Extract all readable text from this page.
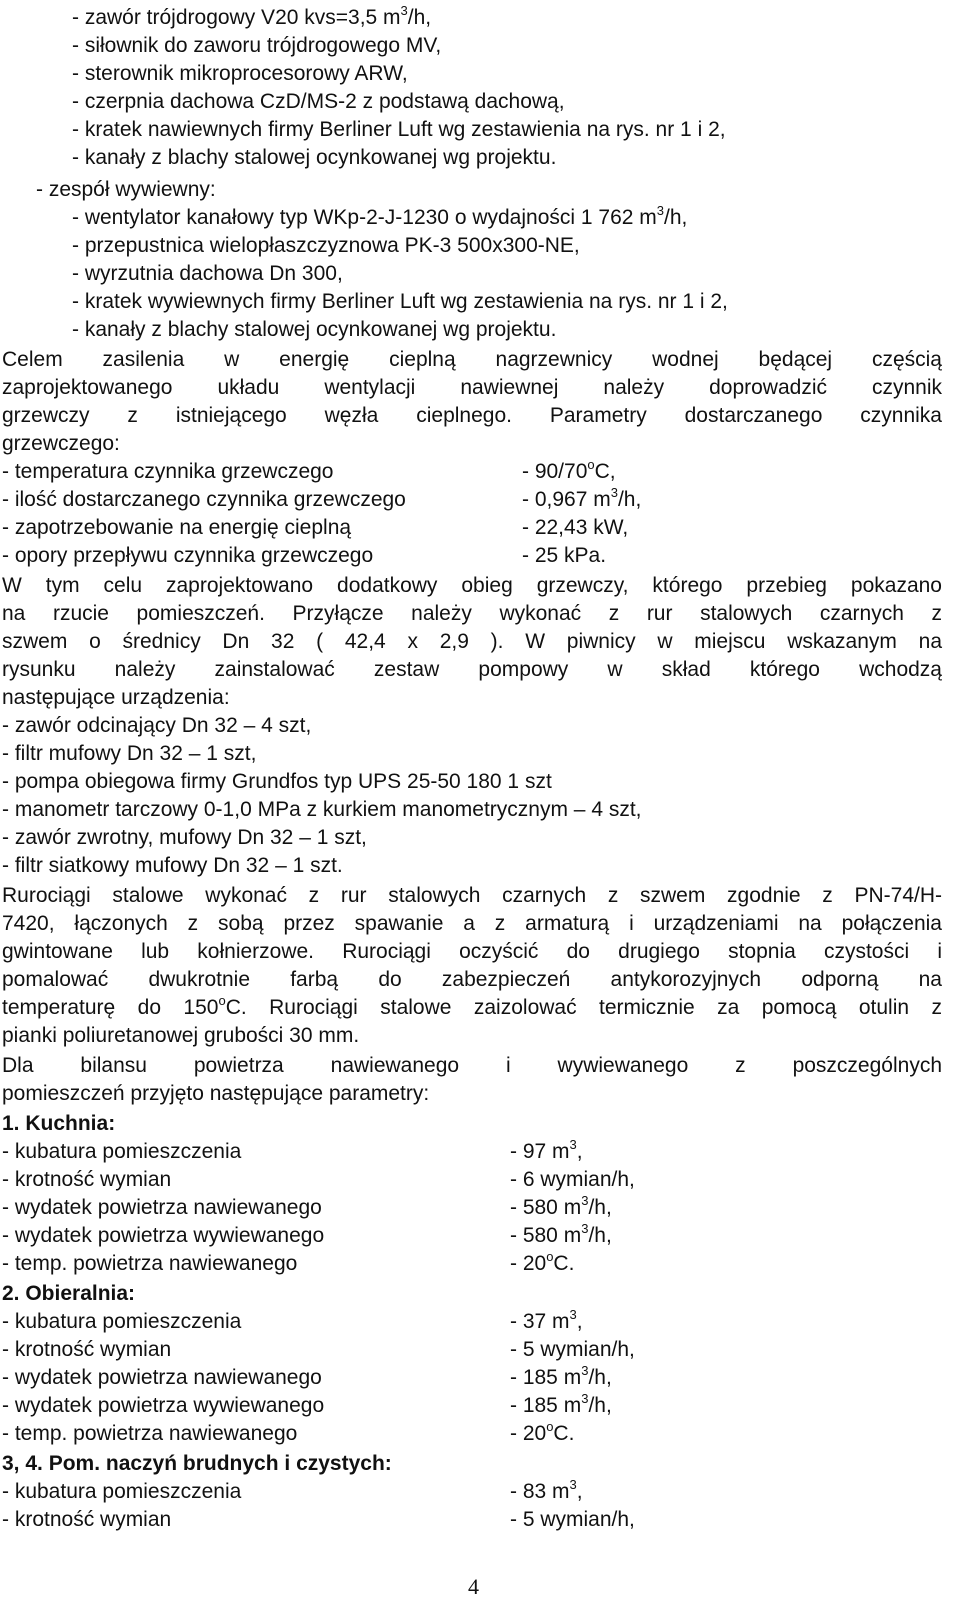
- zawór trójdrogowy V20 kvs=3,5 $m^3/h$,
- siłownik do zaworu trójdrogowego MV,
- sterownik mikroprocesorowy ARW,
- czerpnia dachowa CzD/MS-2 z podstawą dachową,
- kratek nawiewnych firmy Berliner Luft wg zestawienia na rys. nr 1 i 2,
- kanały z blachy stalowej ocynkowanej wg projektu.
- zespół wywiewny:
- wentylator kanałowy typ WKp-2-J-1230 o wydajności 1 762 $m^3/h$,
- przepustnica wielopłaszczyznowa PK-3 500x300-NE,
- wyrzutnia dachowa Dn 300,
- kratek wywiewnych firmy Berliner Luft wg zestawienia na rys. nr 1 i 2,
- kanały z blachy stalowej ocynkowanej wg projektu.
Celem zasilenia w energię cieplną nagrzewnicy wodnej będącej częścią
zaprojektowanego układu wentylacji nawiewnej należy doprowadzić czynnik
grzewczy z istniejącego węzła cieplnego. Parametry dostarczanego czynnika
grzewczego:
- temperatura czynnika grzewczego	- 90/70$^o$C,
- ilość dostarczanego czynnika grzewczego	- 0,967 $m^3/h$,
- zapotrzebowanie na energię cieplną	- 22,43 kW,
- opory przepływu czynnika grzewczego	- 25 kPa.
W tym celu zaprojektowano dodatkowy obieg grzewczy, którego przebieg pokazano
na rzucie pomieszczeń. Przyłącze należy wykonać z rur stalowych czarnych z
szwem o średnicy Dn 32 ( 42,4 x 2,9 ). W piwnicy w miejscu wskazanym na
rysunku należy zainstalować zestaw pompowy w skład którego wchodzą
następujące urządzenia:
- zawór odcinający Dn 32 – 4 szt,
- filtr mufowy Dn 32 – 1 szt,
- pompa obiegowa firmy Grundfos typ UPS 25-50 180 1 szt
- manometr tarczowy 0-1,0 MPa z kurkiem manometrycznym – 4 szt,
- zawór zwrotny, mufowy Dn 32 – 1 szt,
- filtr siatkowy mufowy Dn 32 – 1 szt.
Rurociągi stalowe wykonać z rur stalowych czarnych z szwem zgodnie z PN-74/H-
7420, łączonych z sobą przez spawanie a z armaturą i urządzeniami na połączenia
gwintowane lub kołnierzowe. Rurociągi oczyścić do drugiego stopnia czystości i
pomalować dwukrotnie farbą do zabezpieczeń antykorozyjnych odporną na
temperaturę do 150$^o$C. Rurociągi stalowe zaizolować termicznie za pomocą otulin z
pianki poliuretanowej grubości 30 mm.
Dla bilansu powietrza nawiewanego i wywiewanego z poszczególnych
pomieszczeń przyjęto następujące parametry:
1. Kuchnia:
- kubatura pomieszczenia	- 97 $m^3$,
- krotność wymian	- 6 wymian/h,
- wydatek powietrza nawiewanego	- 580 $m^3/h$,
- wydatek powietrza wywiewanego	- 580 $m^3/h$,
- temp. powietrza nawiewanego	- 20$^o$C.
2. Obieralnia:
- kubatura pomieszczenia	- 37 $m^3$,
- krotność wymian	- 5 wymian/h,
- wydatek powietrza nawiewanego	- 185 $m^3/h$,
- wydatek powietrza wywiewanego	- 185 $m^3/h$,
- temp. powietrza nawiewanego	- 20$^o$C.
3, 4. Pom. naczyń brudnych i czystych:
- kubatura pomieszczenia	- 83 $m^3$,
- krotność wymian	- 5 wymian/h,
4
